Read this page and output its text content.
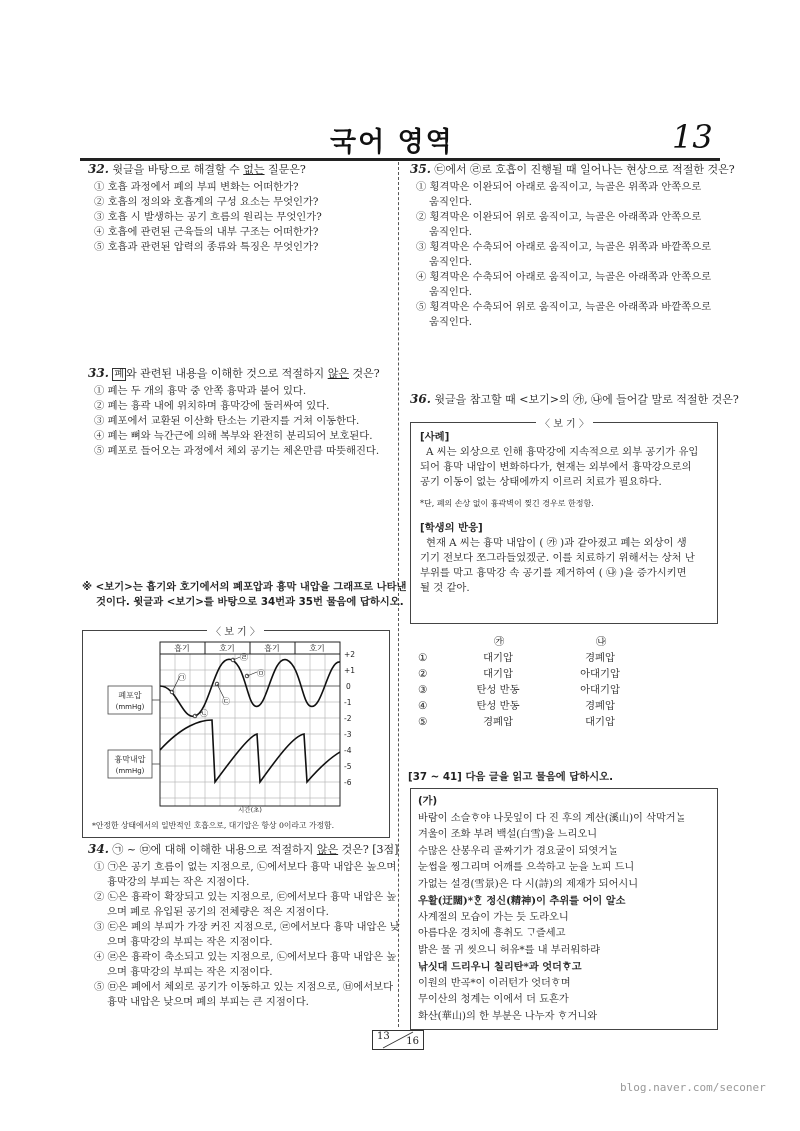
국어 영역	13
32. 윗글을 바탕으로 해결할 수 없는 질문은?
① 호흡 과정에서 폐의 부피 변화는 어떠한가?
② 호흡의 정의와 호흡계의 구성 요소는 무엇인가?
③ 호흡 시 발생하는 공기 흐름의 원리는 무엇인가?
④ 호흡에 관련된 근육들의 내부 구조는 어떠한가?
⑤ 호흡과 관련된 압력의 종류와 특징은 무엇인가?
33. 폐 와 관련된 내용을 이해한 것으로 적절하지 않은 것은?
① 폐는 두 개의 흉막 중 안쪽 흉막과 붙어 있다.
② 폐는 흉곽 내에 위치하며 흉막강에 둘러싸여 있다.
③ 폐포에서 교환된 이산화 탄소는 기관지를 거쳐 이동한다.
④ 폐는 뼈와 늑간근에 의해 복부와 완전히 분리되어 보호된다.
⑤ 폐포로 들어오는 과정에서 체외 공기는 체온만큼 따뜻해진다.
※ <보기>는 흡기와 호기에서의 폐포압과 흉막 내압을 그래프로 나타낸
것이다. 윗글과 <보기>를 바탕으로 34번과 35번 물음에 답하시오.
〈 보 기 〉
흡기	호기	흡기	호기
+2
+1
0
-1
-2
-3
-4
-5
-6
㉠
㉡
㉢
㉣
㉤
폐포압
(mmHg)
흉막내압
(mmHg)
시간(초)
*안정한 상태에서의 일반적인 호흡으로, 대기압은 항상 0이라고 가정함.
34. ㉠ ~ ㉤에 대해 이해한 내용으로 적절하지 않은 것은? [3점]
① ㉠은 공기 흐름이 없는 지점으로, ㉡에서보다 흉막 내압은 높으며
흉막강의 부피는 작은 지점이다.
② ㉡은 흉곽이 확장되고 있는 지점으로, ㉢에서보다 흉막 내압은 높
으며 폐로 유입된 공기의 전체량은 적은 지점이다.
③ ㉢은 폐의 부피가 가장 커진 지점으로, ㉣에서보다 흉막 내압은 낮
으며 흉막강의 부피는 작은 지점이다.
④ ㉣은 흉곽이 축소되고 있는 지점으로, ㉡에서보다 흉막 내압은 높
으며 흉막강의 부피는 작은 지점이다.
⑤ ㉤은 폐에서 체외로 공기가 이동하고 있는 지점으로, ㉥에서보다
흉막 내압은 낮으며 폐의 부피는 큰 지점이다.
35. ㉢에서 ㉣로 호흡이 진행될 때 일어나는 현상으로 적절한 것은?
① 횡격막은 이완되어 아래로 움직이고, 늑골은 위쪽과 안쪽으로
움직인다.
② 횡격막은 이완되어 위로 움직이고, 늑골은 아래쪽과 안쪽으로
움직인다.
③ 횡격막은 수축되어 아래로 움직이고, 늑골은 위쪽과 바깥쪽으로
움직인다.
④ 횡격막은 수축되어 아래로 움직이고, 늑골은 아래쪽과 안쪽으로
움직인다.
⑤ 횡격막은 수축되어 위로 움직이고, 늑골은 아래쪽과 바깥쪽으로
움직인다.
36. 윗글을 참고할 때 <보기>의 ㉮, ㉯에 들어갈 말로 적절한 것은?
〈 보 기 〉
[사례]
A 씨는 외상으로 인해 흉막강에 지속적으로 외부 공기가 유입
되어 흉막 내압이 변화하다가, 현재는 외부에서 흉막강으로의
공기 이동이 없는 상태에까지 이르러 치료가 필요하다.
*단, 폐의 손상 없이 흉곽벽이 찢긴 경우로 한정함.
[학생의 반응]
현재 A 씨는 흉막 내압이 ( ㉮ )과 같아졌고 폐는 외상이 생
기기 전보다 쪼그라들었겠군. 이를 치료하기 위해서는 상처 난
부위를 막고 흉막강 속 공기를 제거하여 ( ㉯ )을 증가시키면
될 것 같아.
㉮	㉯
①	대기압	경폐압
②	대기압	아대기압
③	탄성 반동	아대기압
④	탄성 반동	경폐압
⑤	경폐압	대기압
[37 ~ 41] 다음 글을 읽고 물음에 답하시오.
(가)
바람이 소슬ᄒᆞ야 나뭇잎이 다 진 후의 계산(溪山)이 삭막거ᄂᆞᆯ
겨울이 조화 부려 백설(白雪)을 느리오니
수많은 산봉우리 골짜기가 경요굴이 되엿거ᄂᆞᆯ
눈썹을 찡그리며 어깨를 으쓱하고 눈을 노피 드니
가없는 설경(雪景)은 다 시(詩)의 제재가 되어시니
우활(迂闊)*ᄒᆞᆫ 정신(精神)이 추위를 어이 알소
사계절의 모습이 가는 듯 도라오니
아름다운 경치에 흥취도 ᄀᆞ즐세고
밝은 물 귀 씻으니 허유*를 내 부러워하랴
낚싯대 드리우니 칠리탄*과 엇더ᄒᆞ고
이원의 반곡*이 이러턴가 엇더ᄒᆞ며
무이산의 청계는 이에서 더 됴흔가
화산(華山)의 한 부분은 나누자 ᄒᆞ거니와
13 16
blog.naver.com/seconer
